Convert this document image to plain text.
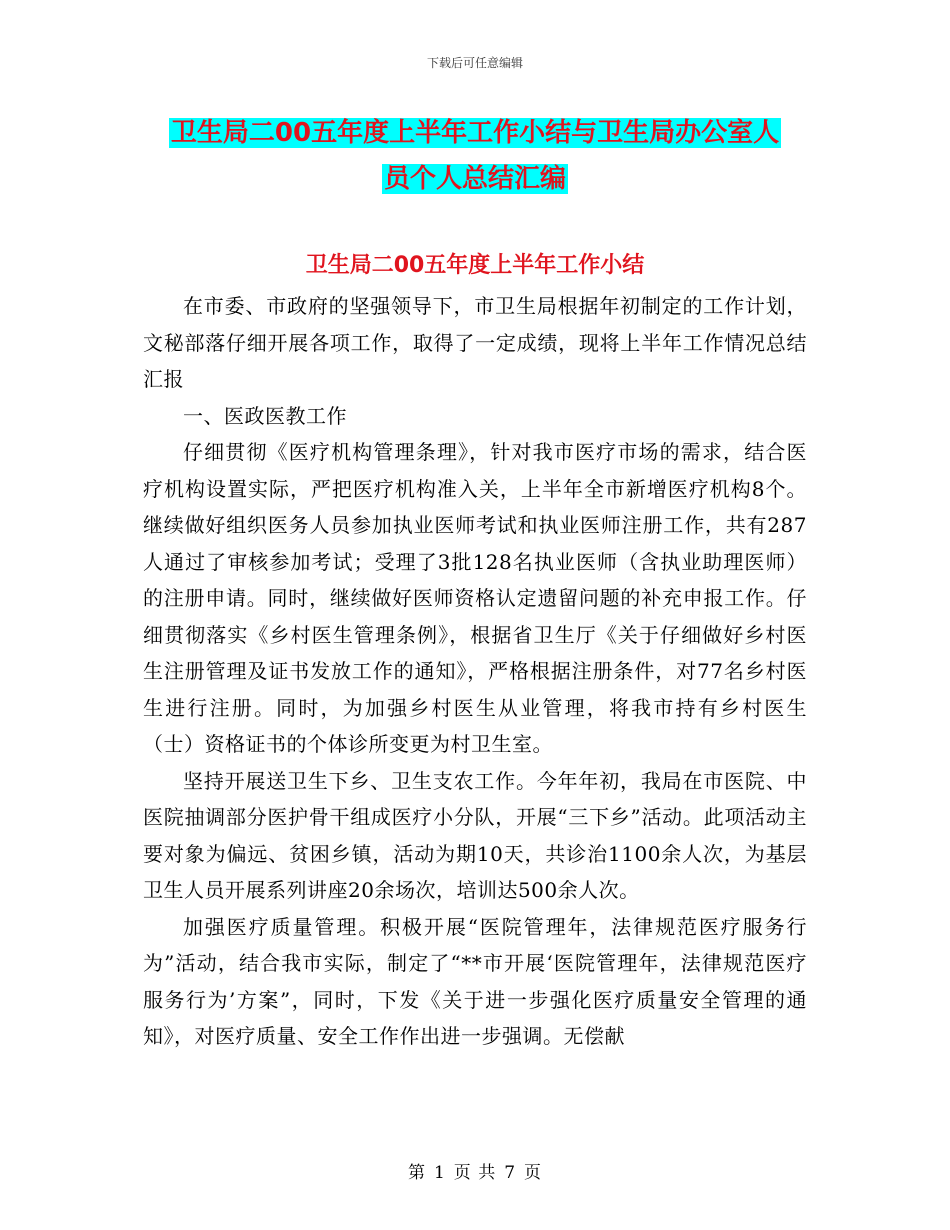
下载后可任意编辑
卫生局二00五年度上半年工作小结与卫生局办公室人
员个人总结汇编
卫生局二00五年度上半年工作小结

在市委、市政府的坚强领导下，市卫生局根据年初制定的工作计划，文秘部落仔细开展各项工作，取得了一定成绩，现将上半年工作情况总结汇报

一、医政医教工作

仔细贯彻《医疗机构管理条理》，针对我市医疗市场的需求，结合医疗机构设置实际，严把医疗机构准入关，上半年全市新增医疗机构8个。继续做好组织医务人员参加执业医师考试和执业医师注册工作，共有287人通过了审核参加考试；受理了3批128名执业医师（含执业助理医师）的注册申请。同时，继续做好医师资格认定遗留问题的补充申报工作。仔细贯彻落实《乡村医生管理条例》，根据省卫生厅《关于仔细做好乡村医生注册管理及证书发放工作的通知》，严格根据注册条件，对77名乡村医生进行注册。同时，为加强乡村医生从业管理，将我市持有乡村医生（士）资格证书的个体诊所变更为村卫生室。

坚持开展送卫生下乡、卫生支农工作。今年年初，我局在市医院、中医院抽调部分医护骨干组成医疗小分队，开展“三下乡”活动。此项活动主要对象为偏远、贫困乡镇，活动为期10天，共诊治1100余人次，为基层卫生人员开展系列讲座20余场次，培训达500余人次。

加强医疗质量管理。积极开展“医院管理年，法律规范医疗服务行为”活动，结合我市实际，制定了“**市开展‘医院管理年，法律规范医疗服务行为’方案”，同时，下发《关于进一步强化医疗质量安全管理的通知》，对医疗质量、安全工作作出进一步强调。无偿献

第 1 页 共 7 页
